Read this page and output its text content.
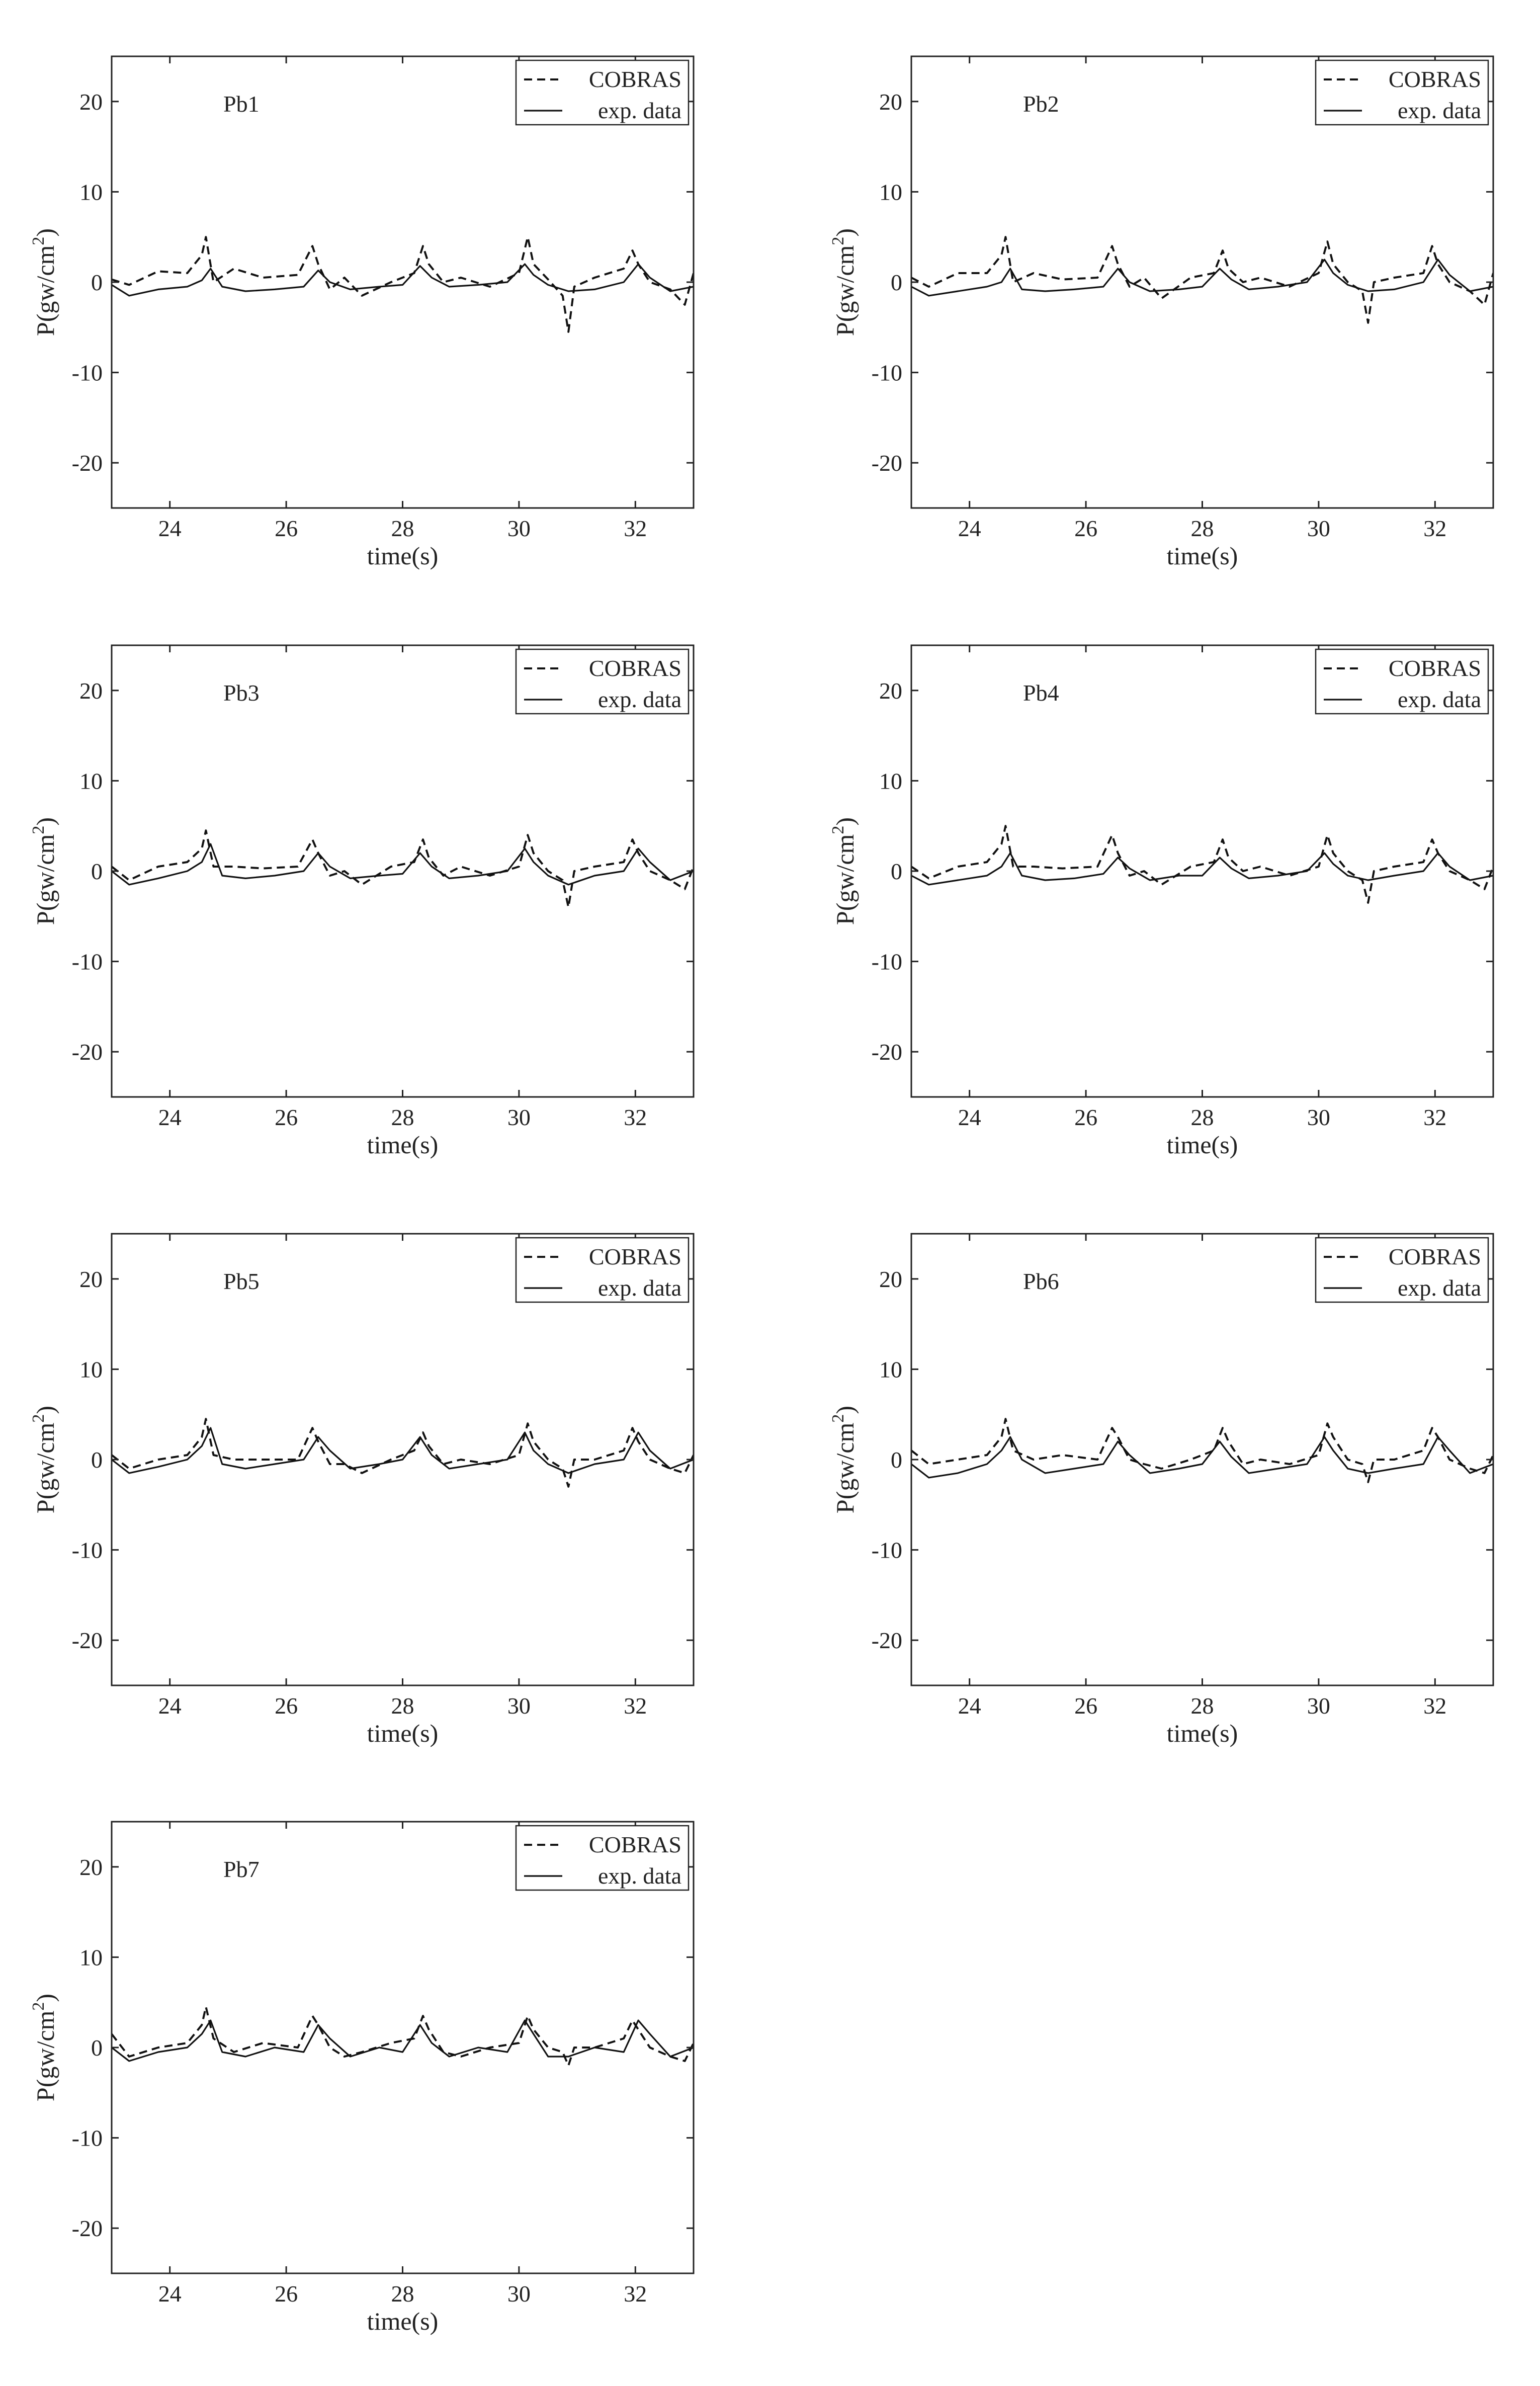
24	26	28	30	32
20
10
0
-10
-20
Pb1
time(s)
$P(gw/cm^2)$
COBRAS
exp. data
24	26	28	30	32
20
10
0
-10
-20
Pb2
time(s)
$P(gw/cm^2)$
COBRAS
exp. data
24	26	28	30	32
20
10
0
-10
-20
Pb3
time(s)
$P(gw/cm^2)$
COBRAS
exp. data
24	26	28	30	32
20
10
0
-10
-20
Pb4
time(s)
$P(gw/cm^2)$
COBRAS
exp. data
24	26	28	30	32
20
10
0
-10
-20
Pb5
time(s)
$P(gw/cm^2)$
COBRAS
exp. data
24	26	28	30	32
20
10
0
-10
-20
Pb6
time(s)
$P(gw/cm^2)$
COBRAS
exp. data
24	26	28	30	32
20
10
0
-10
-20
Pb7
time(s)
$P(gw/cm^2)$
COBRAS
exp. data
